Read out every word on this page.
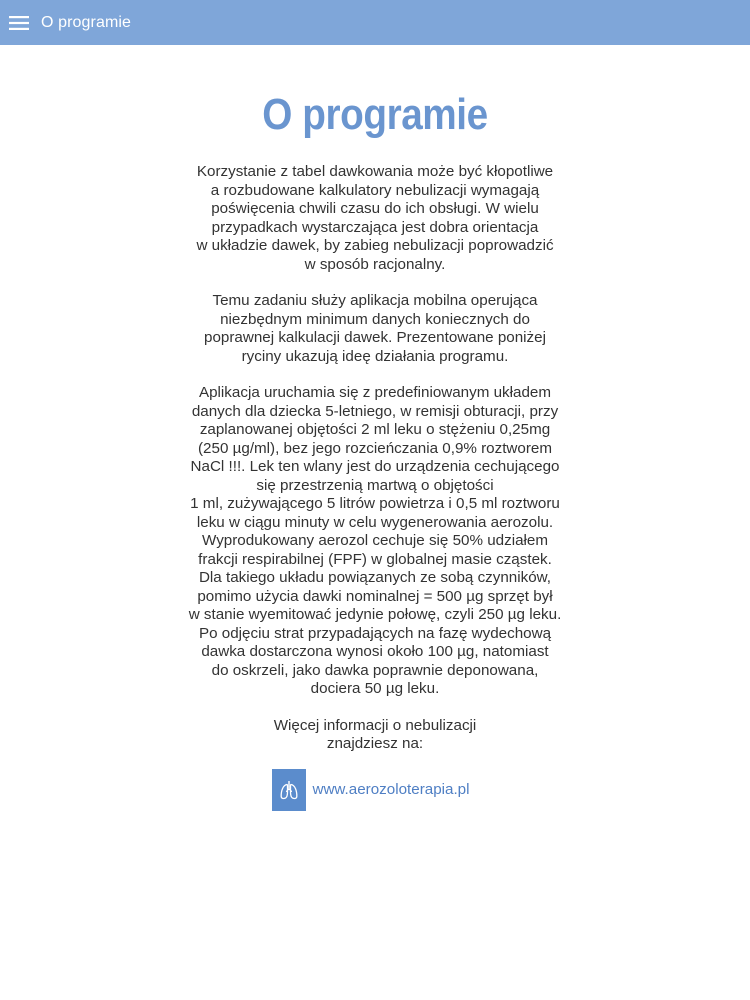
O programie
O programie

Korzystanie z tabel dawkowania może być kłopotliwe
a rozbudowane kalkulatory nebulizacji wymagają
poświęcenia chwili czasu do ich obsługi. W wielu
przypadkach wystarczająca jest dobra orientacja
w układzie dawek, by zabieg nebulizacji poprowadzić
w sposób racjonalny.

Temu zadaniu służy aplikacja mobilna operująca
niezbędnym minimum danych koniecznych do
poprawnej kalkulacji dawek. Prezentowane poniżej
ryciny ukazują ideę działania programu.

Aplikacja uruchamia się z predefiniowanym układem
danych dla dziecka 5-letniego, w remisji obturacji, przy
zaplanowanej objętości 2 ml leku o stężeniu 0,25mg
(250 µg/ml), bez jego rozcieńczania 0,9% roztworem
NaCl !!!. Lek ten wlany jest do urządzenia cechującego
się przestrzenią martwą o objętości
1 ml, zużywającego 5 litrów powietrza i 0,5 ml roztworu
leku w ciągu minuty w celu wygenerowania aerozolu.
Wyprodukowany aerozol cechuje się 50% udziałem
frakcji respirabilnej (FPF) w globalnej masie cząstek.
Dla takiego układu powiązanych ze sobą czynników,
pomimo użycia dawki nominalnej = 500 µg sprzęt był
w stanie wyemitować jedynie połowę, czyli 250 µg leku.
Po odjęciu strat przypadających na fazę wydechową
dawka dostarczona wynosi około 100 µg, natomiast
do oskrzeli, jako dawka poprawnie deponowana,
dociera 50 µg leku.

Więcej informacji o nebulizacji
znajdziesz na:

www.aerozoloterapia.pl
